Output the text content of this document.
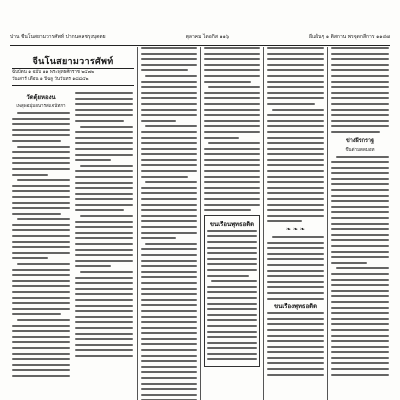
ปาน ชีนโนสยามวารศัพท์ ปากนคลชรุงบุตตย	ตุลาคม ไดอกิส ๑๑๖	ผีแผ้นๆ ๑ ติสกาน พรจุดกสีการ ๑๑๔๗
วัดตุ้ยหองน
เพลุพอมุ่มอนารสแจนัทกา
จีนโนสยามวารศัพท์
ฉีบบัตน ๑ ฉบับ ๑๑ พระพุทธศักราช ๒๔๗๒
วันเสาร์ เดือน ๑ ปีฉลู วันวันทร ๑๘๘๔๒
ขนเรื่อนพุทธอดิด
❧ ❧ ❧
ขนเรื่องพุทธอดิด
ข่างฝีรกราฐ
ขึ้นด่ามตดมอท
